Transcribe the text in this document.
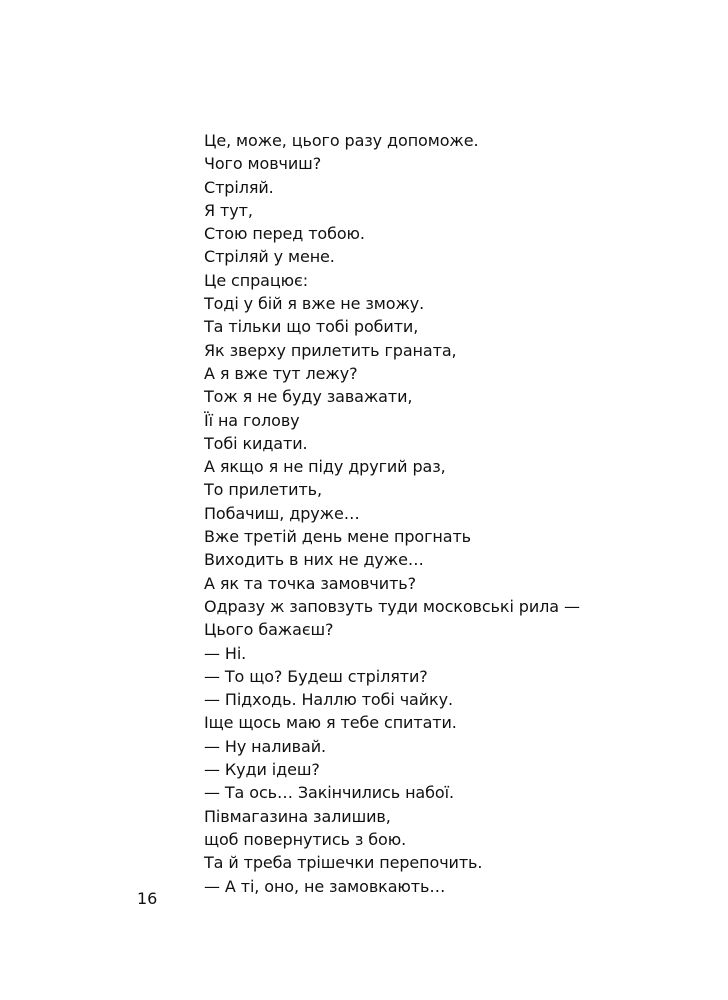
Це, може, цього разу допоможе.
Чого мовчиш?
Стріляй.
Я тут,
Стою перед тобою.
Стріляй у мене.
Це спрацює:
Тоді у бій я вже не зможу.
Та тільки що тобі робити,
Як зверху прилетить граната,
А я вже тут лежу?
Тож я не буду заважати,
Її на голову
Тобі кидати.
А якщо я не піду другий раз,
То прилетить,
Побачиш, друже…
Вже третій день мене прогнать
Виходить в них не дуже…
А як та точка замовчить?
Одразу ж заповзуть туди московські рила —
Цього бажаєш?
— Ні.
— То що? Будеш стріляти?
— Підходь. Наллю тобі чайку.
Іще щось маю я тебе спитати.
— Ну наливай.
— Куди ідеш?
— Та ось… Закінчились набої.
Півмагазина залишив,
щоб повернутись з бою.
Та й треба трішечки перепочить.
— А ті, оно, не замовкають…
16
